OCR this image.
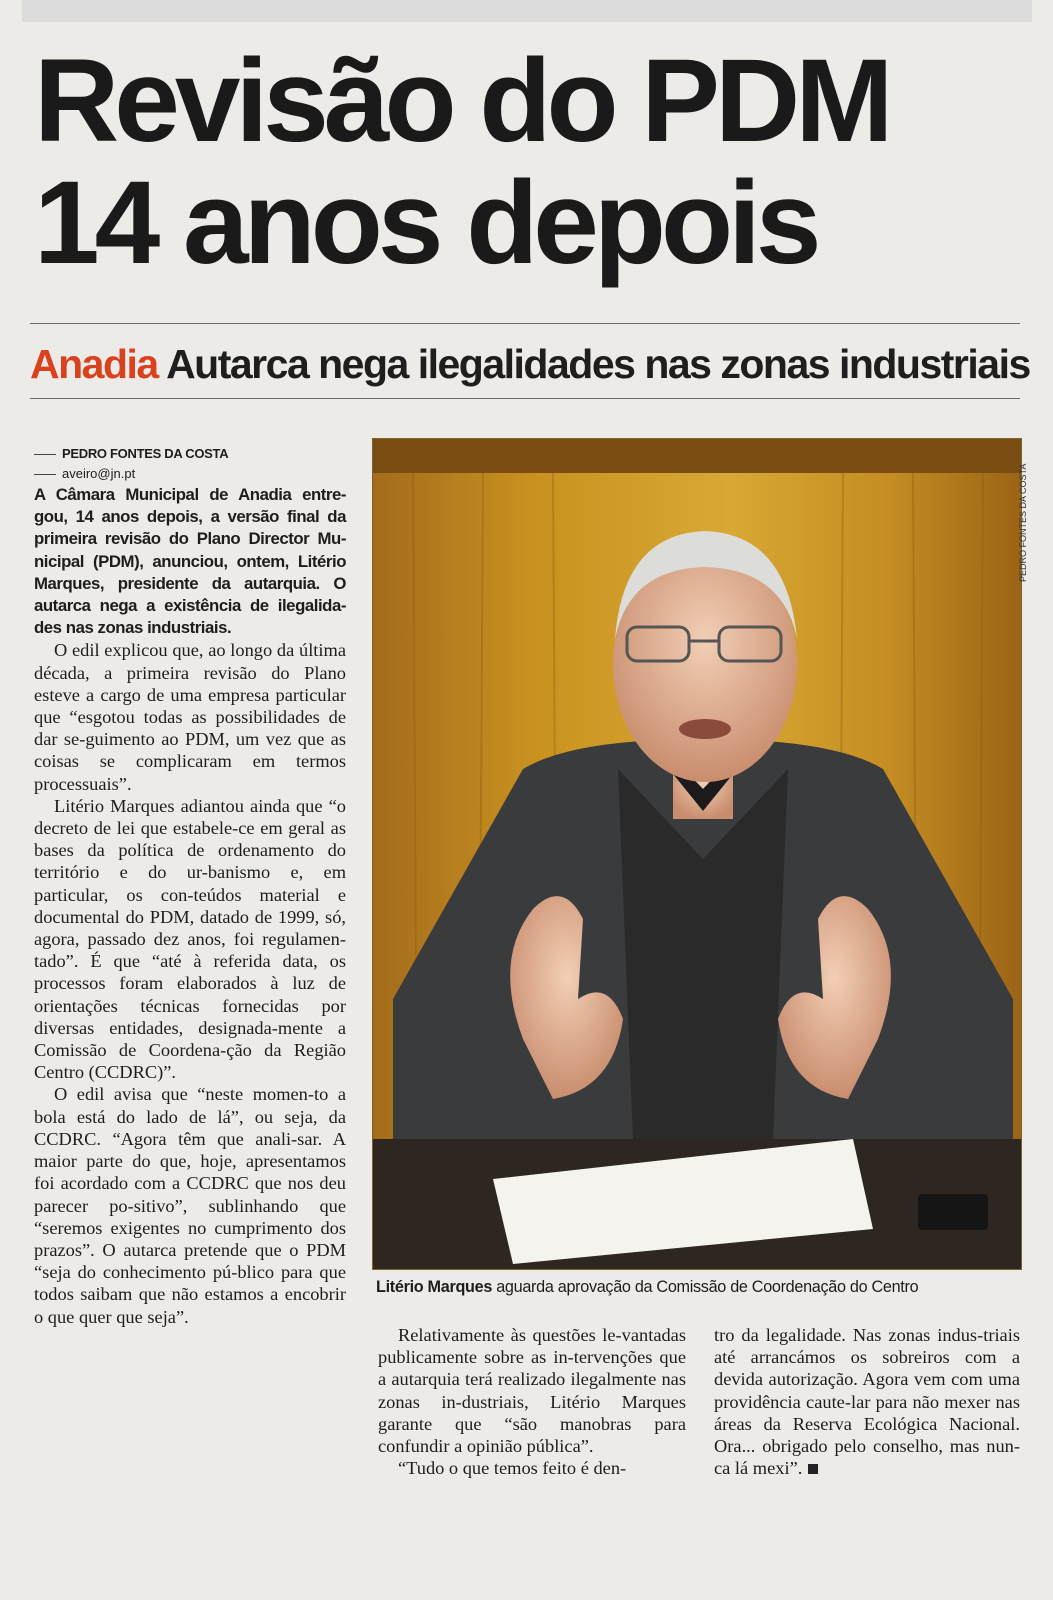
Revisão do PDM
14 anos depois
Anadia Autarca nega ilegalidades nas zonas industriais
PEDRO FONTES DA COSTA
aveiro@jn.pt

A Câmara Municipal de Anadia entre-gou, 14 anos depois, a versão final da primeira revisão do Plano Director Mu-nicipal (PDM), anunciou, ontem, Litério Marques, presidente da autarquia. O autarca nega a existência de ilegalida-des nas zonas industriais.

O edil explicou que, ao longo da última década, a primeira revisão do Plano esteve a cargo de uma empresa particular que “esgotou todas as possibilidades de dar se-guimento ao PDM, um vez que as coisas se complicaram em termos processuais”.

Litério Marques adiantou ainda que “o decreto de lei que estabele-ce em geral as bases da política de ordenamento do território e do ur-banismo e, em particular, os con-teúdos material e documental do PDM, datado de 1999, só, agora, passado dez anos, foi regulamen-tado”. É que “até à referida data, os processos foram elaborados à luz de orientações técnicas fornecidas por diversas entidades, designada-mente a Comissão de Coordena-ção da Região Centro (CCDRC)”.

O edil avisa que “neste momen-to a bola está do lado de lá”, ou seja, da CCDRC. “Agora têm que anali-sar. A maior parte do que, hoje, apresentamos foi acordado com a CCDRC que nos deu parecer po-sitivo”, sublinhando que “seremos exigentes no cumprimento dos prazos”. O autarca pretende que o PDM “seja do conhecimento pú-blico para que todos saibam que não estamos a encobrir o que quer que seja”.

PEDRO FONTES DA COSTA
Litério Marques aguarda aprovação da Comissão de Coordenação do Centro

Relativamente às questões le-vantadas publicamente sobre as in-tervenções que a autarquia terá realizado ilegalmente nas zonas in-dustriais, Litério Marques garante que “são manobras para confundir a opinião pública”.

“Tudo o que temos feito é den-

tro da legalidade. Nas zonas indus-triais até arrancámos os sobreiros com a devida autorização. Agora vem com uma providência caute-lar para não mexer nas áreas da Reserva Ecológica Nacional. Ora... obrigado pelo conselho, mas nun-ca lá mexi”.
